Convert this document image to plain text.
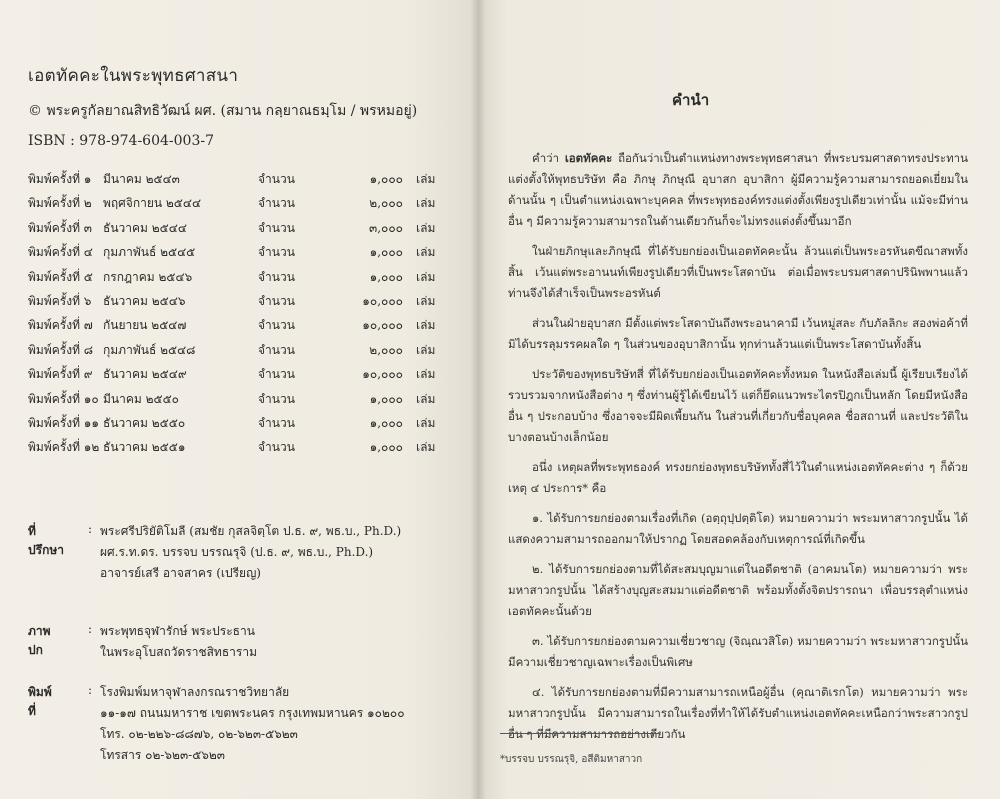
เอตทัคคะในพระพุทธศาสนา
© พระครูกัลยาณสิทธิวัฒน์ ผศ. (สมาน กลฺยาณธมฺโม / พรหมอยู่)
ISBN : 978-974-604-003-7
พิมพ์ครั้งที่ ๑ มีนาคม ๒๕๔๓	จำนวน	๑,๐๐๐ เล่ม
พิมพ์ครั้งที่ ๒ พฤศจิกายน ๒๕๔๔	จำนวน	๒,๐๐๐ เล่ม
พิมพ์ครั้งที่ ๓ ธันวาคม ๒๕๔๔	จำนวน	๓,๐๐๐ เล่ม
พิมพ์ครั้งที่ ๔ กุมภาพันธ์ ๒๕๔๕	จำนวน	๑,๐๐๐ เล่ม
พิมพ์ครั้งที่ ๕ กรกฎาคม ๒๕๔๖	จำนวน	๑,๐๐๐ เล่ม
พิมพ์ครั้งที่ ๖ ธันวาคม ๒๕๔๖	จำนวน	๑๐,๐๐๐ เล่ม
พิมพ์ครั้งที่ ๗ กันยายน ๒๕๔๗	จำนวน	๑๐,๐๐๐ เล่ม
พิมพ์ครั้งที่ ๘ กุมภาพันธ์ ๒๕๔๘	จำนวน	๒,๐๐๐ เล่ม
พิมพ์ครั้งที่ ๙ ธันวาคม ๒๕๔๙	จำนวน	๑๐,๐๐๐ เล่ม
พิมพ์ครั้งที่ ๑๐ มีนาคม ๒๕๕๐	จำนวน	๑,๐๐๐ เล่ม
พิมพ์ครั้งที่ ๑๑ ธันวาคม ๒๕๕๐	จำนวน	๑,๐๐๐ เล่ม
พิมพ์ครั้งที่ ๑๒ ธันวาคม ๒๕๕๑	จำนวน	๑,๐๐๐ เล่ม
ที่ปรึกษา
: พระศรีปริยัติโมลี (สมชัย กุสลจิตฺโต ป.ธ. ๙, พธ.บ., Ph.D.)
ผศ.ร.ท.ดร. บรรจบ บรรณรุจิ (ป.ธ. ๙, พธ.บ., Ph.D.)
อาจารย์เสรี อาจสาคร (เปรียญ)
ภาพปก
: พระพุทธจุฬารักษ์ พระประธาน
ในพระอุโบสถวัดราชสิทธาราม
พิมพ์ที่
: โรงพิมพ์มหาจุฬาลงกรณราชวิทยาลัย
๑๑-๑๗ ถนนมหาราช เขตพระนคร กรุงเทพมหานคร ๑๐๒๐๐
โทร. ๐๒-๒๒๖-๘๘๗๖, ๐๒-๖๒๓-๕๖๒๓
โทรสาร ๐๒-๖๒๓-๕๖๒๓
คำนำ

คำว่า เอตทัคคะ ถือกันว่าเป็นตำแหน่งทางพระพุทธศาสนา ที่พระบรมศาสดาทรงประทานแต่งตั้งให้พุทธบริษัท คือ ภิกษุ ภิกษุณี อุบาสก อุบาสิกา ผู้มีความรู้ความสามารถยอดเยี่ยมในด้านนั้น ๆ เป็นตำแหน่งเฉพาะบุคคล ที่พระพุทธองค์ทรงแต่งตั้งเพียงรูปเดียวเท่านั้น แม้จะมีท่านอื่น ๆ มีความรู้ความสามารถในด้านเดียวกันก็จะไม่ทรงแต่งตั้งขึ้นมาอีก

ในฝ่ายภิกษุและภิกษุณี ที่ได้รับยกย่องเป็นเอตทัคคะนั้น ล้วนแต่เป็นพระอรหันตขีณาสพทั้งสิ้น เว้นแต่พระอานนท์เพียงรูปเดียวที่เป็นพระโสดาบัน ต่อเมื่อพระบรมศาสดาปรินิพพานแล้ว ท่านจึงได้สำเร็จเป็นพระอรหันต์

ส่วนในฝ่ายอุบาสก มีตั้งแต่พระโสดาบันถึงพระอนาคามี เว้นหมู่สละ กับภัลลิกะ สองพ่อค้าที่มิได้บรรลุมรรคผลใด ๆ ในส่วนของอุบาสิกานั้น ทุกท่านล้วนแต่เป็นพระโสดาบันทั้งสิ้น

ประวัติของพุทธบริษัทสี่ ที่ได้รับยกย่องเป็นเอตทัคคะทั้งหมด ในหนังสือเล่มนี้ ผู้เรียบเรียงได้รวบรวมจากหนังสือต่าง ๆ ซึ่งท่านผู้รู้ได้เขียนไว้ แต่ก็ยึดแนวพระไตรปิฎกเป็นหลัก โดยมีหนังสืออื่น ๆ ประกอบบ้าง ซึ่งอาจจะมีผิดเพี้ยนกัน ในส่วนที่เกี่ยวกับชื่อบุคคล ชื่อสถานที่ และประวัติในบางตอนบ้างเล็กน้อย

อนึ่ง เหตุผลที่พระพุทธองค์ ทรงยกย่องพุทธบริษัททั้งสี่ไว้ในตำแหน่งเอตทัคคะต่าง ๆ ก็ด้วยเหตุ ๔ ประการ* คือ

๑. ได้รับการยกย่องตามเรื่องที่เกิด (อตฺถุปฺปตฺติโต) หมายความว่า พระมหาสาวกรูปนั้น ได้แสดงความสามารถออกมาให้ปรากฏ โดยสอดคล้องกับเหตุการณ์ที่เกิดขึ้น

๒. ได้รับการยกย่องตามที่ได้สะสมบุญมาแต่ในอดีตชาติ (อาคมนโต) หมายความว่า พระมหาสาวกรูปนั้น ได้สร้างบุญสะสมมาแต่อดีตชาติ พร้อมทั้งตั้งจิตปรารถนา เพื่อบรรลุตำแหน่งเอตทัคคะนั้นด้วย

๓. ได้รับการยกย่องตามความเชี่ยวชาญ (จิณฺณวสิโต) หมายความว่า พระมหาสาวกรูปนั้น มีความเชี่ยวชาญเฉพาะเรื่องเป็นพิเศษ

๔. ได้รับการยกย่องตามที่มีความสามารถเหนือผู้อื่น (คุณาติเรกโต) หมายความว่า พระมหาสาวกรูปนั้น มีความสามารถในเรื่องที่ทำให้ได้รับตำแหน่งเอตทัคคะเหนือกว่าพระสาวกรูปอื่น ๆ ที่มีความสามารถอย่างเดียวกัน

*บรรจบ บรรณรุจิ, อสีติมหาสาวก
